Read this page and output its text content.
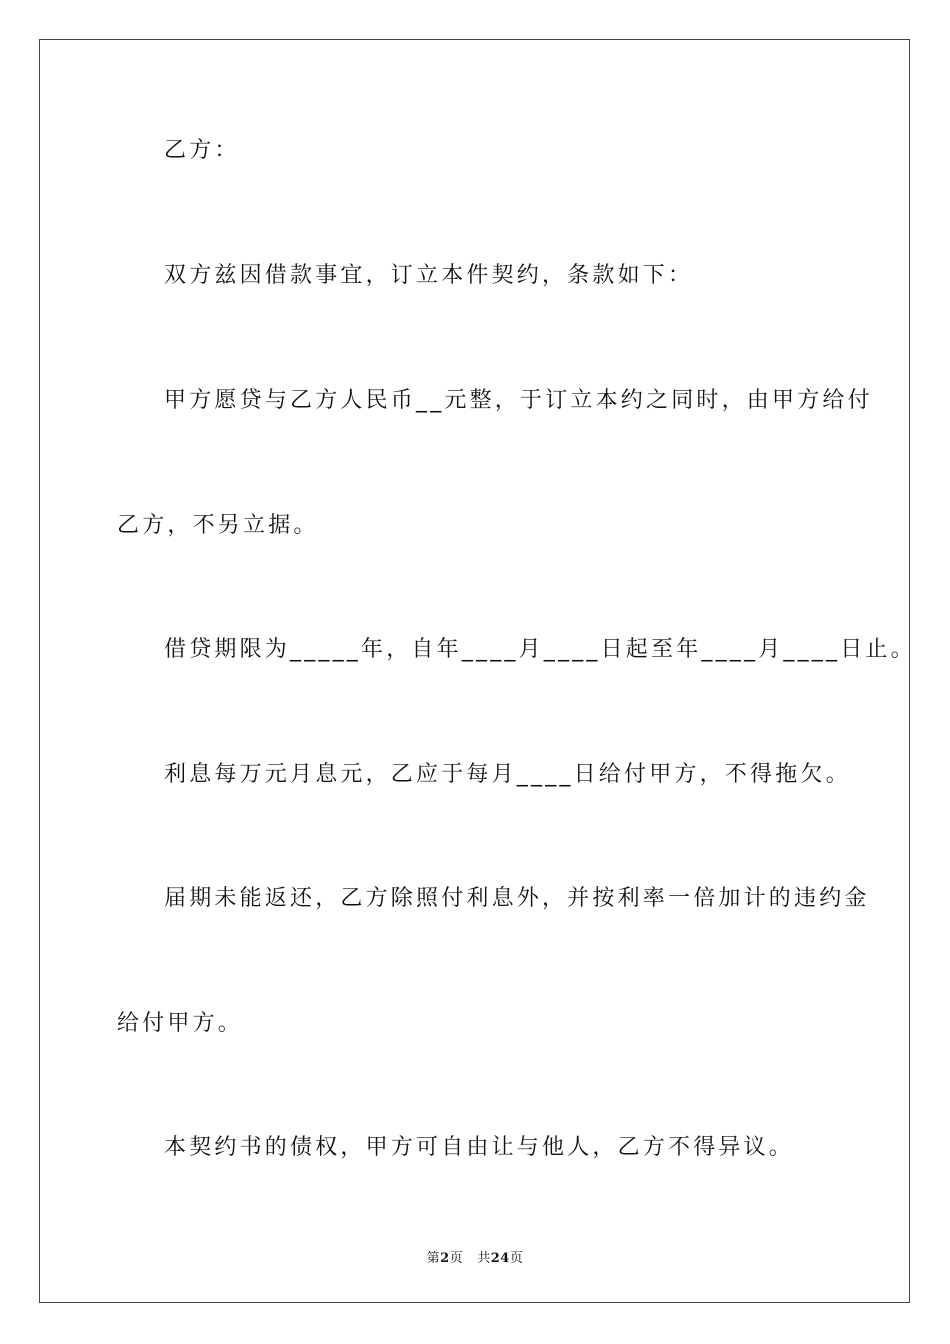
乙方：
双方兹因借款事宜，订立本件契约，条款如下：
甲方愿贷与乙方人民币__元整，于订立本约之同时，由甲方给付
乙方，不另立据。
借贷期限为_____年，自年____月____日起至年____月____日止。
利息每万元月息元，乙应于每月____日给付甲方，不得拖欠。
届期未能返还，乙方除照付利息外，并按利率一倍加计的违约金
给付甲方。
本契约书的债权，甲方可自由让与他人，乙方不得异议。
第2页 共24页
